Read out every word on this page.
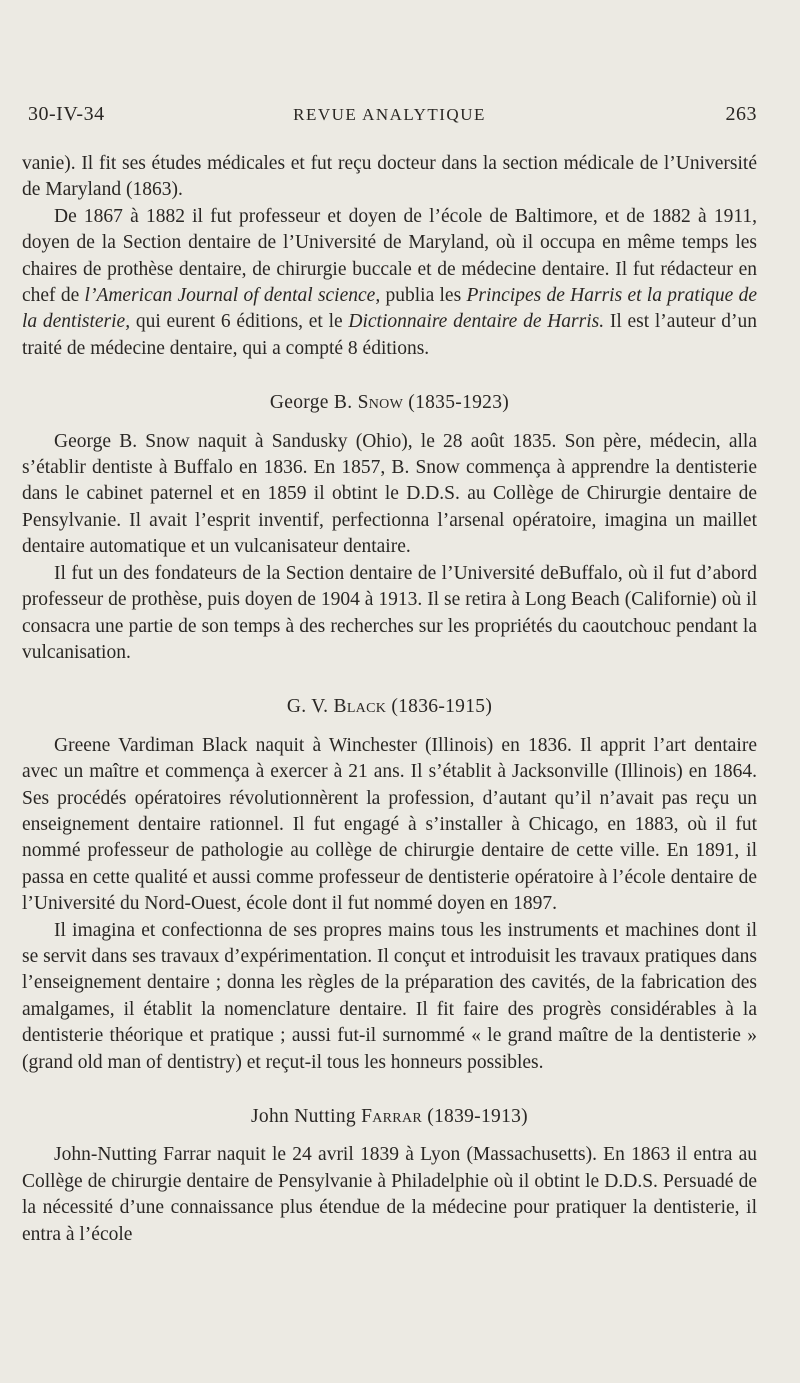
30-IV-34	REVUE ANALYTIQUE	263

vanie). Il fit ses études médicales et fut reçu docteur dans la section médicale de l’Université de Maryland (1863).

De 1867 à 1882 il fut professeur et doyen de l’école de Baltimore, et de 1882 à 1911, doyen de la Section dentaire de l’Université de Maryland, où il occupa en même temps les chaires de prothèse dentaire, de chirurgie buccale et de médecine dentaire. Il fut rédacteur en chef de l’American Journal of dental science, publia les Principes de Harris et la pratique de la dentisterie, qui eurent 6 éditions, et le Dictionnaire dentaire de Harris. Il est l’auteur d’un traité de médecine dentaire, qui a compté 8 éditions.

George B. Snow (1835-1923)

George B. Snow naquit à Sandusky (Ohio), le 28 août 1835. Son père, médecin, alla s’établir dentiste à Buffalo en 1836. En 1857, B. Snow commença à apprendre la dentisterie dans le cabinet paternel et en 1859 il obtint le D.D.S. au Collège de Chirurgie dentaire de Pensylvanie. Il avait l’esprit inventif, perfectionna l’arsenal opératoire, imagina un maillet dentaire automatique et un vulcanisateur dentaire.

Il fut un des fondateurs de la Section dentaire de l’Université deBuffalo, où il fut d’abord professeur de prothèse, puis doyen de 1904 à 1913. Il se retira à Long Beach (Californie) où il consacra une partie de son temps à des recherches sur les propriétés du caoutchouc pendant la vulcanisation.

G. V. Black (1836-1915)

Greene Vardiman Black naquit à Winchester (Illinois) en 1836. Il apprit l’art dentaire avec un maître et commença à exercer à 21 ans. Il s’établit à Jacksonville (Illinois) en 1864. Ses procédés opératoires révolutionnèrent la profession, d’autant qu’il n’avait pas reçu un enseignement dentaire rationnel. Il fut engagé à s’installer à Chicago, en 1883, où il fut nommé professeur de pathologie au collège de chirurgie dentaire de cette ville. En 1891, il passa en cette qualité et aussi comme professeur de dentisterie opératoire à l’école dentaire de l’Université du Nord-Ouest, école dont il fut nommé doyen en 1897.

Il imagina et confectionna de ses propres mains tous les instruments et machines dont il se servit dans ses travaux d’expérimentation. Il conçut et introduisit les travaux pratiques dans l’enseignement dentaire ; donna les règles de la préparation des cavités, de la fabrication des amalgames, il établit la nomenclature dentaire. Il fit faire des progrès considérables à la dentisterie théorique et pratique ; aussi fut-il surnommé « le grand maître de la dentisterie » (grand old man of dentistry) et reçut-il tous les honneurs possibles.

John Nutting Farrar (1839-1913)

John-Nutting Farrar naquit le 24 avril 1839 à Lyon (Massachusetts). En 1863 il entra au Collège de chirurgie dentaire de Pensylvanie à Philadelphie où il obtint le D.D.S. Persuadé de la nécessité d’une connaissance plus étendue de la médecine pour pratiquer la dentisterie, il entra à l’école
